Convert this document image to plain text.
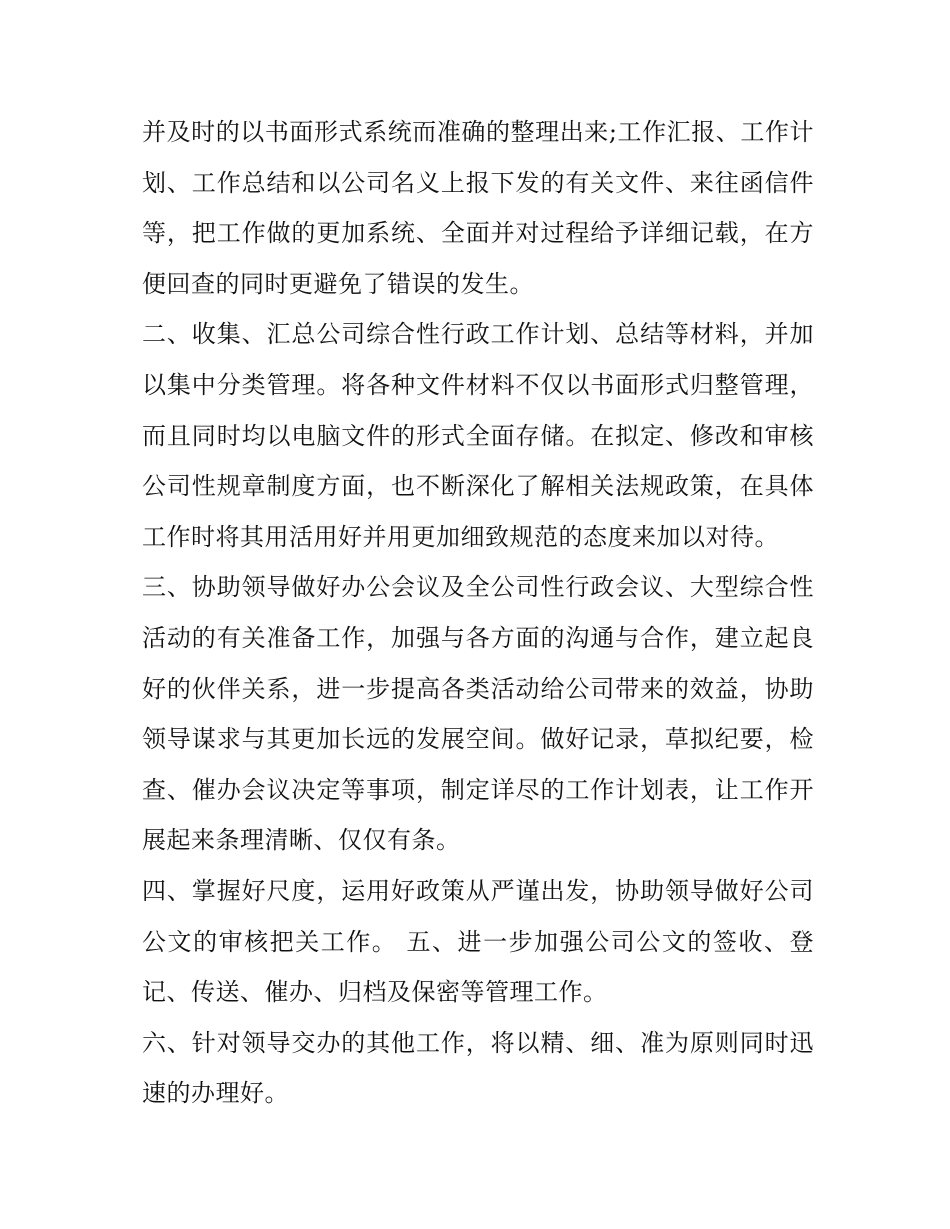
并及时的以书面形式系统而准确的整理出来;工作汇报、工作计划、工作总结和以公司名义上报下发的有关文件、来往函信件等，把工作做的更加系统、全面并对过程给予详细记载，在方便回查的同时更避免了错误的发生。

二、收集、汇总公司综合性行政工作计划、总结等材料，并加以集中分类管理。将各种文件材料不仅以书面形式归整管理，而且同时均以电脑文件的形式全面存储。在拟定、修改和审核公司性规章制度方面，也不断深化了解相关法规政策，在具体工作时将其用活用好并用更加细致规范的态度来加以对待。

三、协助领导做好办公会议及全公司性行政会议、大型综合性活动的有关准备工作，加强与各方面的沟通与合作，建立起良好的伙伴关系，进一步提高各类活动给公司带来的效益，协助领导谋求与其更加长远的发展空间。做好记录，草拟纪要，检查、催办会议决定等事项，制定详尽的工作计划表，让工作开展起来条理清晰、仅仅有条。

四、掌握好尺度，运用好政策从严谨出发，协助领导做好公司公文的审核把关工作。 五、进一步加强公司公文的签收、登记、传送、催办、归档及保密等管理工作。

六、针对领导交办的其他工作，将以精、细、准为原则同时迅速的办理好。
